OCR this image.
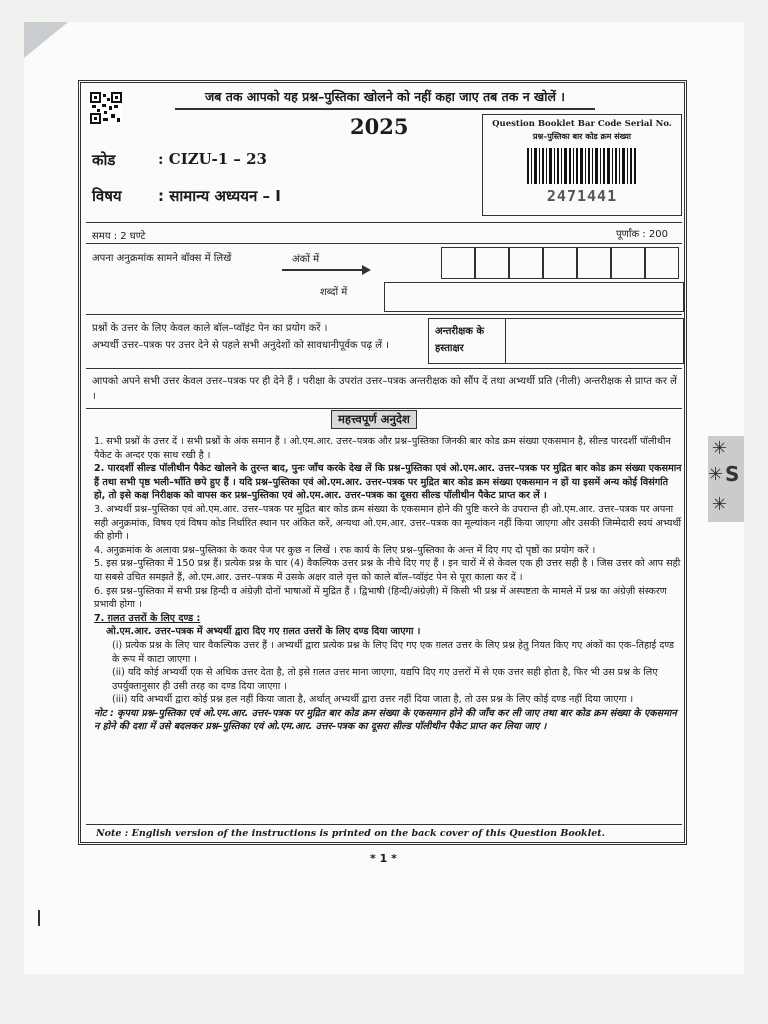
✳
✳ S
✳
जब तक आपको यह प्रश्न–पुस्तिका खोलने को नहीं कहा जाए तब तक न खोलें ।
2025
कोड	: CIZU-1 – 23
विषय : सामान्य अध्ययन – I
Question Booklet Bar Code Serial No.
प्रश्न–पुस्तिका बार कोड क्रम संख्या
2471441
समय : 2 घण्टे	पूर्णांक : 200
अपना अनुक्रमांक सामने बॉक्स में लिखें	अंकों में
शब्दों में
प्रश्नों के उत्तर के लिए केवल काले बॉल–प्वॉइंट पेन का प्रयोग करें ।
अभ्यर्थी उत्तर–पत्रक पर उत्तर देने से पहले सभी अनुदेशों को सावधानीपूर्वक पढ़ लें ।
अन्तरीक्षक के हस्ताक्षर
आपको अपने सभी उत्तर केवल उत्तर–पत्रक पर ही देने हैं । परीक्षा के उपरांत उत्तर–पत्रक अन्तरीक्षक को सौंप दें तथा अभ्यर्थी प्रति (नीली) अन्तरीक्षक से प्राप्त कर लें ।
महत्त्वपूर्ण अनुदेश

1. सभी प्रश्नों के उत्तर दें । सभी प्रश्नों के अंक समान हैं । ओ.एम.आर. उत्तर–पत्रक और प्रश्न–पुस्तिका जिनकी बार कोड क्रम संख्या एकसमान है, सील्ड पारदर्शी पॉलीथीन पैकेट के अन्दर एक साथ रखी है ।

2. पारदर्शी सील्ड पॉलीथीन पैकेट खोलने के तुरन्त बाद, पुनः जाँच करके देख लें कि प्रश्न–पुस्तिका एवं ओ.एम.आर. उत्तर–पत्रक पर मुद्रित बार कोड क्रम संख्या एकसमान हैं तथा सभी पृष्ठ भली–भाँति छपे हुए हैं । यदि प्रश्न–पुस्तिका एवं ओ.एम.आर. उत्तर–पत्रक पर मुद्रित बार कोड क्रम संख्या एकसमान न हों या इसमें अन्य कोई विसंगति हो, तो इसे कक्ष निरीक्षक को वापस कर प्रश्न–पुस्तिका एवं ओ.एम.आर. उत्तर–पत्रक का दूसरा सील्ड पॉलीथीन पैकेट प्राप्त कर लें ।

3. अभ्यर्थी प्रश्न–पुस्तिका एवं ओ.एम.आर. उत्तर–पत्रक पर मुद्रित बार कोड क्रम संख्या के एकसमान होने की पुष्टि करने के उपरान्त ही ओ.एम.आर. उत्तर–पत्रक पर अपना सही अनुक्रमांक, विषय एवं विषय कोड निर्धारित स्थान पर अंकित करें, अन्यथा ओ.एम.आर. उत्तर–पत्रक का मूल्यांकन नहीं किया जाएगा और उसकी जिम्मेदारी स्वयं अभ्यर्थी की होगी ।

4. अनुक्रमांक के अलावा प्रश्न–पुस्तिका के कवर पेज पर कुछ न लिखें । रफ कार्य के लिए प्रश्न–पुस्तिका के अन्त में दिए गए दो पृष्ठों का प्रयोग करें ।

5. इस प्रश्न–पुस्तिका में 150 प्रश्न हैं। प्रत्येक प्रश्न के चार (4) वैकल्पिक उत्तर प्रश्न के नीचे दिए गए हैं । इन चारों में से केवल एक ही उत्तर सही है । जिस उत्तर को आप सही या सबसे उचित समझते हैं, ओ.एम.आर. उत्तर–पत्रक में उसके अक्षर वाले वृत्त को काले बॉल–प्वॉइंट पेन से पूरा काला कर दें ।

6. इस प्रश्न–पुस्तिका में सभी प्रश्न हिन्दी व अंग्रेज़ी दोनों भाषाओं में मुद्रित हैं । द्विभाषी (हिन्दी/अंग्रेज़ी) में किसी भी प्रश्न में अस्पष्टता के मामले में प्रश्न का अंग्रेज़ी संस्करण प्रभावी होगा ।

7. ग़लत उत्तरों के लिए दण्ड :

ओ.एम.आर. उत्तर–पत्रक में अभ्यर्थी द्वारा दिए गए ग़लत उत्तरों के लिए दण्ड दिया जाएगा ।

(i) प्रत्येक प्रश्न के लिए चार वैकल्पिक उत्तर हैं । अभ्यर्थी द्वारा प्रत्येक प्रश्न के लिए दिए गए एक ग़लत उत्तर के लिए प्रश्न हेतु नियत किए गए अंकों का एक–तिहाई दण्ड के रूप में काटा जाएगा ।

(ii) यदि कोई अभ्यर्थी एक से अधिक उत्तर देता है, तो इसे ग़लत उत्तर माना जाएगा, यद्यपि दिए गए उत्तरों में से एक उत्तर सही होता है, फिर भी उस प्रश्न के लिए उपर्युक्तानुसार ही उसी तरह का दण्ड दिया जाएगा ।

(iii) यदि अभ्यर्थी द्वारा कोई प्रश्न हल नहीं किया जाता है, अर्थात् अभ्यर्थी द्वारा उत्तर नहीं दिया जाता है, तो उस प्रश्न के लिए कोई दण्ड नहीं दिया जाएगा ।

नोट : कृपया प्रश्न–पुस्तिका एवं ओ.एम.आर. उत्तर–पत्रक पर मुद्रित बार कोड क्रम संख्या के एकसमान होने की जाँच कर ली जाए तथा बार कोड क्रम संख्या के एकसमान न होने की दशा में उसे बदलकर प्रश्न–पुस्तिका एवं ओ.एम.आर. उत्तर–पत्रक का दूसरा सील्ड पॉलीथीन पैकेट प्राप्त कर लिया जाए ।

Note : English version of the instructions is printed on the back cover of this Question Booklet.
* 1 *
